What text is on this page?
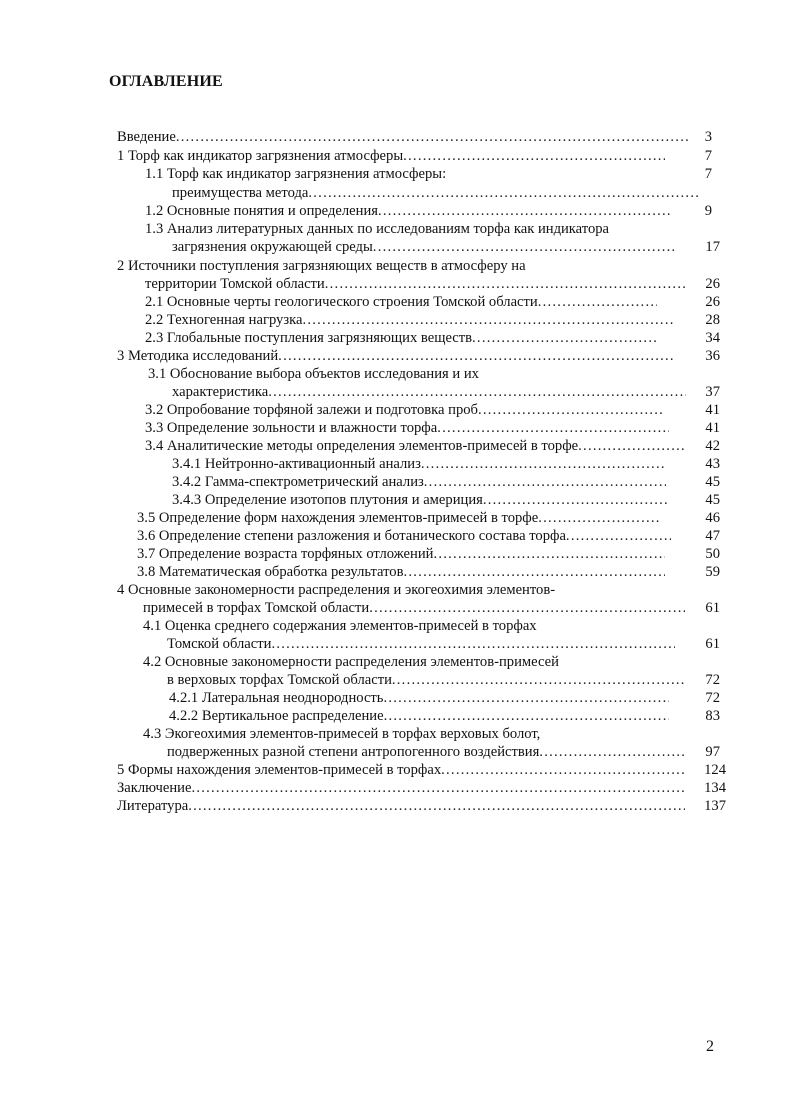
ОГЛАВЛЕНИЕ
Введение . . .	3
1 Торф как индикатор загрязнения атмосферы . . .	7
1.1 Торф как индикатор загрязнения атмосферы:	7
преимущества метода
. . .
1.2 Основные понятия и определения . . .	9
1.3 Анализ литературных данных по исследованиям торфа как индикатора
загрязнения окружающей среды . . .	17
2 Источники поступления загрязняющих веществ в атмосферу на
территории Томской области . . .	26
2.1 Основные черты геологического строения Томской области . . .	26
2.2 Техногенная нагрузка . . .	28
2.3 Глобальные поступления загрязняющих веществ . . .	34
3 Методика исследований . . .	36
3.1 Обоснование выбора объектов исследования и их
характеристика . . .	37
3.2 Опробование торфяной залежи и подготовка проб . . .	41
3.3 Определение зольности и влажности торфа . . .	41
3.4 Аналитические методы определения элементов-примесей в торфе . . .	42
3.4.1 Нейтронно-активационный анализ . . .	43
3.4.2 Гамма-спектрометрический анализ . . .	45
3.4.3 Определение изотопов плутония и америция . . .	45
3.5 Определение форм нахождения элементов-примесей в торфе . . .	46
3.6 Определение степени разложения и ботанического состава торфа . . .	47
3.7 Определение возраста торфяных отложений . . .	50
3.8 Математическая обработка результатов . . .	59
4 Основные закономерности распределения и экогеохимия элементов-
примесей в торфах Томской области . . .	61
4.1 Оценка среднего содержания элементов-примесей в торфах
Томской области . . .	61
4.2 Основные закономерности распределения элементов-примесей
в верховых торфах Томской области . . .	72
4.2.1 Латеральная неоднородность . . .	72
4.2.2 Вертикальное распределение . . .	83
4.3 Экогеохимия элементов-примесей в торфах верховых болот,
подверженных разной степени антропогенного воздействия . . .	97
5 Формы нахождения элементов-примесей в торфах . . .	124
Заключение . . .	134
Литература . . .	137
2
